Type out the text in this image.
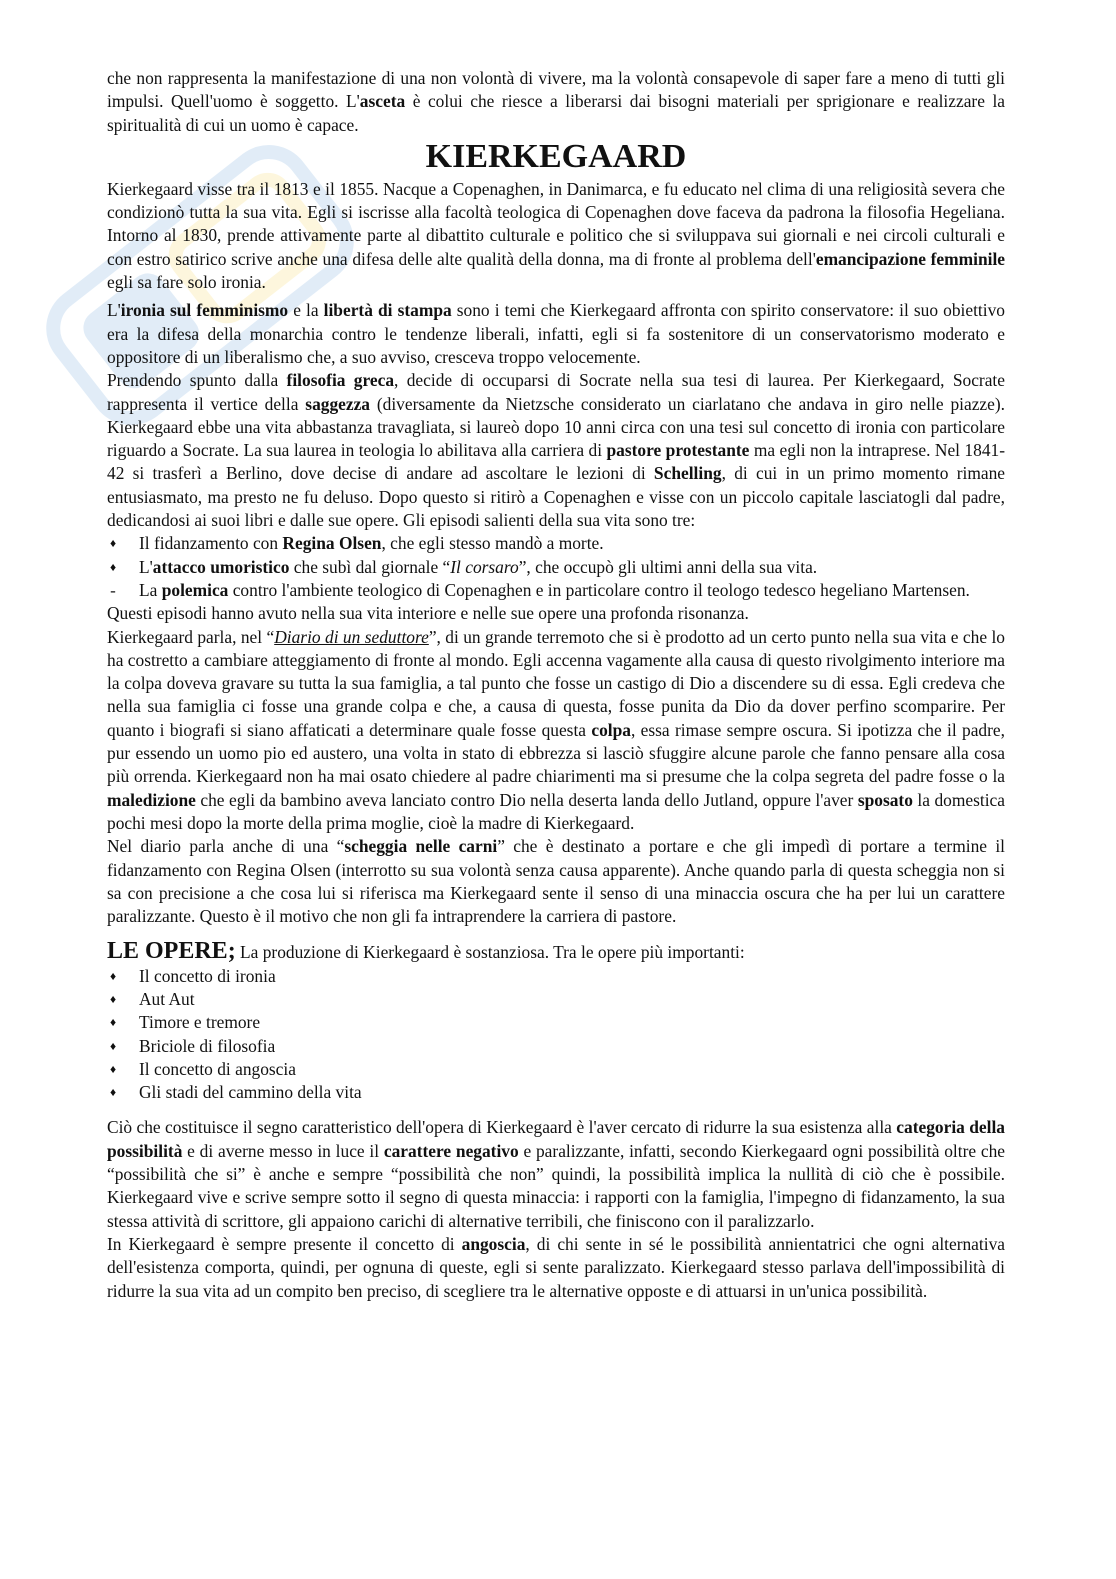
che non rappresenta la manifestazione di una non volontà di vivere, ma la volontà consapevole di saper fare a meno di tutti gli impulsi. Quell'uomo è soggetto. L'asceta è colui che riesce a liberarsi dai bisogni materiali per sprigionare e realizzare la spiritualità di cui un uomo è capace.

KIERKEGAARD

Kierkegaard visse tra il 1813 e il 1855. Nacque a Copenaghen, in Danimarca, e fu educato nel clima di una religiosità severa che condizionò tutta la sua vita. Egli si iscrisse alla facoltà teologica di Copenaghen dove faceva da padrona la filosofia Hegeliana. Intorno al 1830, prende attivamente parte al dibattito culturale e politico che si sviluppava sui giornali e nei circoli culturali e con estro satirico scrive anche una difesa delle alte qualità della donna, ma di fronte al problema dell'emancipazione femminile egli sa fare solo ironia.

L'ironia sul femminismo e la libertà di stampa sono i temi che Kierkegaard affronta con spirito conservatore: il suo obiettivo era la difesa della monarchia contro le tendenze liberali, infatti, egli si fa sostenitore di un conservatorismo moderato e oppositore di un liberalismo che, a suo avviso, cresceva troppo velocemente.

Prendendo spunto dalla filosofia greca, decide di occuparsi di Socrate nella sua tesi di laurea. Per Kierkegaard, Socrate rappresenta il vertice della saggezza (diversamente da Nietzsche considerato un ciarlatano che andava in giro nelle piazze). Kierkegaard ebbe una vita abbastanza travagliata, si laureò dopo 10 anni circa con una tesi sul concetto di ironia con particolare riguardo a Socrate. La sua laurea in teologia lo abilitava alla carriera di pastore protestante ma egli non la intraprese. Nel 1841-42 si trasferì a Berlino, dove decise di andare ad ascoltare le lezioni di Schelling, di cui in un primo momento rimane entusiasmato, ma presto ne fu deluso. Dopo questo si ritirò a Copenaghen e visse con un piccolo capitale lasciatogli dal padre, dedicandosi ai suoi libri e dalle sue opere. Gli episodi salienti della sua vita sono tre:

♦ Il fidanzamento con Regina Olsen, che egli stesso mandò a morte.
♦ L'attacco umoristico che subì dal giornale “Il corsaro”, che occupò gli ultimi anni della sua vita.
- La polemica contro l'ambiente teologico di Copenaghen e in particolare contro il teologo tedesco hegeliano Martensen.

Questi episodi hanno avuto nella sua vita interiore e nelle sue opere una profonda risonanza.

Kierkegaard parla, nel “Diario di un seduttore”, di un grande terremoto che si è prodotto ad un certo punto nella sua vita e che lo ha costretto a cambiare atteggiamento di fronte al mondo. Egli accenna vagamente alla causa di questo rivolgimento interiore ma la colpa doveva gravare su tutta la sua famiglia, a tal punto che fosse un castigo di Dio a discendere su di essa. Egli credeva che nella sua famiglia ci fosse una grande colpa e che, a causa di questa, fosse punita da Dio da dover perfino scomparire. Per quanto i biografi si siano affaticati a determinare quale fosse questa colpa, essa rimase sempre oscura. Si ipotizza che il padre, pur essendo un uomo pio ed austero, una volta in stato di ebbrezza si lasciò sfuggire alcune parole che fanno pensare alla cosa più orrenda. Kierkegaard non ha mai osato chiedere al padre chiarimenti ma si presume che la colpa segreta del padre fosse o la maledizione che egli da bambino aveva lanciato contro Dio nella deserta landa dello Jutland, oppure l'aver sposato la domestica pochi mesi dopo la morte della prima moglie, cioè la madre di Kierkegaard.

Nel diario parla anche di una “scheggia nelle carni” che è destinato a portare e che gli impedì di portare a termine il fidanzamento con Regina Olsen (interrotto su sua volontà senza causa apparente). Anche quando parla di questa scheggia non si sa con precisione a che cosa lui si riferisca ma Kierkegaard sente il senso di una minaccia oscura che ha per lui un carattere paralizzante. Questo è il motivo che non gli fa intraprendere la carriera di pastore.

LE OPERE; La produzione di Kierkegaard è sostanziosa. Tra le opere più importanti:

♦ Il concetto di ironia
♦ Aut Aut
♦ Timore e tremore
♦ Briciole di filosofia
♦ Il concetto di angoscia
♦ Gli stadi del cammino della vita

Ciò che costituisce il segno caratteristico dell'opera di Kierkegaard è l'aver cercato di ridurre la sua esistenza alla categoria della possibilità e di averne messo in luce il carattere negativo e paralizzante, infatti, secondo Kierkegaard ogni possibilità oltre che “possibilità che si” è anche e sempre “possibilità che non” quindi, la possibilità implica la nullità di ciò che è possibile. Kierkegaard vive e scrive sempre sotto il segno di questa minaccia: i rapporti con la famiglia, l'impegno di fidanzamento, la sua stessa attività di scrittore, gli appaiono carichi di alternative terribili, che finiscono con il paralizzarlo.

In Kierkegaard è sempre presente il concetto di angoscia, di chi sente in sé le possibilità annientatrici che ogni alternativa dell'esistenza comporta, quindi, per ognuna di queste, egli si sente paralizzato. Kierkegaard stesso parlava dell'impossibilità di ridurre la sua vita ad un compito ben preciso, di scegliere tra le alternative opposte e di attuarsi in un'unica possibilità.
